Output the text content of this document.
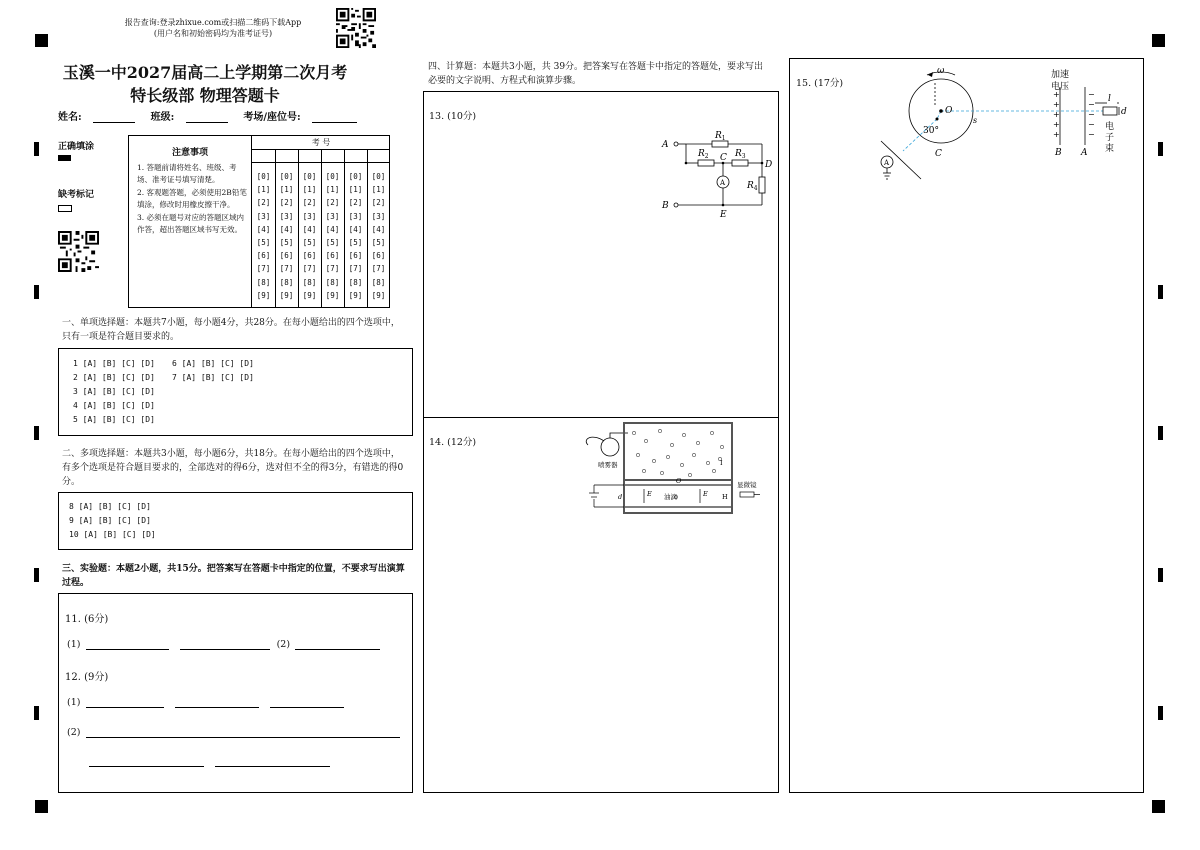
报告查询:登录zhixue.com或扫描二维码下载App
(用户名和初始密码均为准考证号)
玉溪一中2027届高二上学期第二次月考
特长级部 物理答题卡
姓名:	班级:	考场/座位号:
正确填涂
缺考标记
注意事项
1. 答题前请将姓名、班级、考场、准考证号填写清楚。
2. 客观题答题，必须使用2B铅笔填涂，修改时用橡皮擦干净。
3. 必须在题号对应的答题区域内作答，超出答题区域书写无效。
考 号
[0]	[0]	[0]	[0]	[0]	[0]
[1]	[1]	[1]	[1]	[1]	[1]
[2]	[2]	[2]	[2]	[2]	[2]
[3]	[3]	[3]	[3]	[3]	[3]
[4]	[4]	[4]	[4]	[4]	[4]
[5]	[5]	[5]	[5]	[5]	[5]
[6]	[6]	[6]	[6]	[6]	[6]
[7]	[7]	[7]	[7]	[7]	[7]
[8]	[8]	[8]	[8]	[8]	[8]
[9]	[9]	[9]	[9]	[9]	[9]
一、单项选择题：本题共7小题，每小题4分，共28分。在每小题给出的四个选项中，只有一项是符合题目要求的。
1 [A] [B] [C] [D]
2 [A] [B] [C] [D]
3 [A] [B] [C] [D]
4 [A] [B] [C] [D]
5 [A] [B] [C] [D]
6 [A] [B] [C] [D]
7 [A] [B] [C] [D]
二、多项选择题：本题共3小题，每小题6分，共18分。在每小题给出的四个选项中，有多个选项是符合题目要求的，全部选对的得6分，选对但不全的得3分，有错选的得0分。
8 [A] [B] [C] [D]
9 [A] [B] [C] [D]
10 [A] [B] [C] [D]
三、实验题：本题2小题，共15分。把答案写在答题卡中指定的位置，不要求写出演算过程。
11. (6分)
(1)	(2)
12. (9分)
(1)
(2)

四、计算题：本题共3小题，共 39分。把答案写在答题卡中指定的答题处，要求写出必要的文字说明、方程式和演算步骤。
13. (10分)
A
B
C
D
E
$R_1$
$R_2$	$R_3$
$R_4$
A
14. (12分)
喷雾器
显微镜
油滴
O
E	E
d	H
I
15. (17分)
ω
O
C
30°
s
加速
电压
B A
电
子
束
l
d
A
+
+
+
+
+
−
−
−
−
−
